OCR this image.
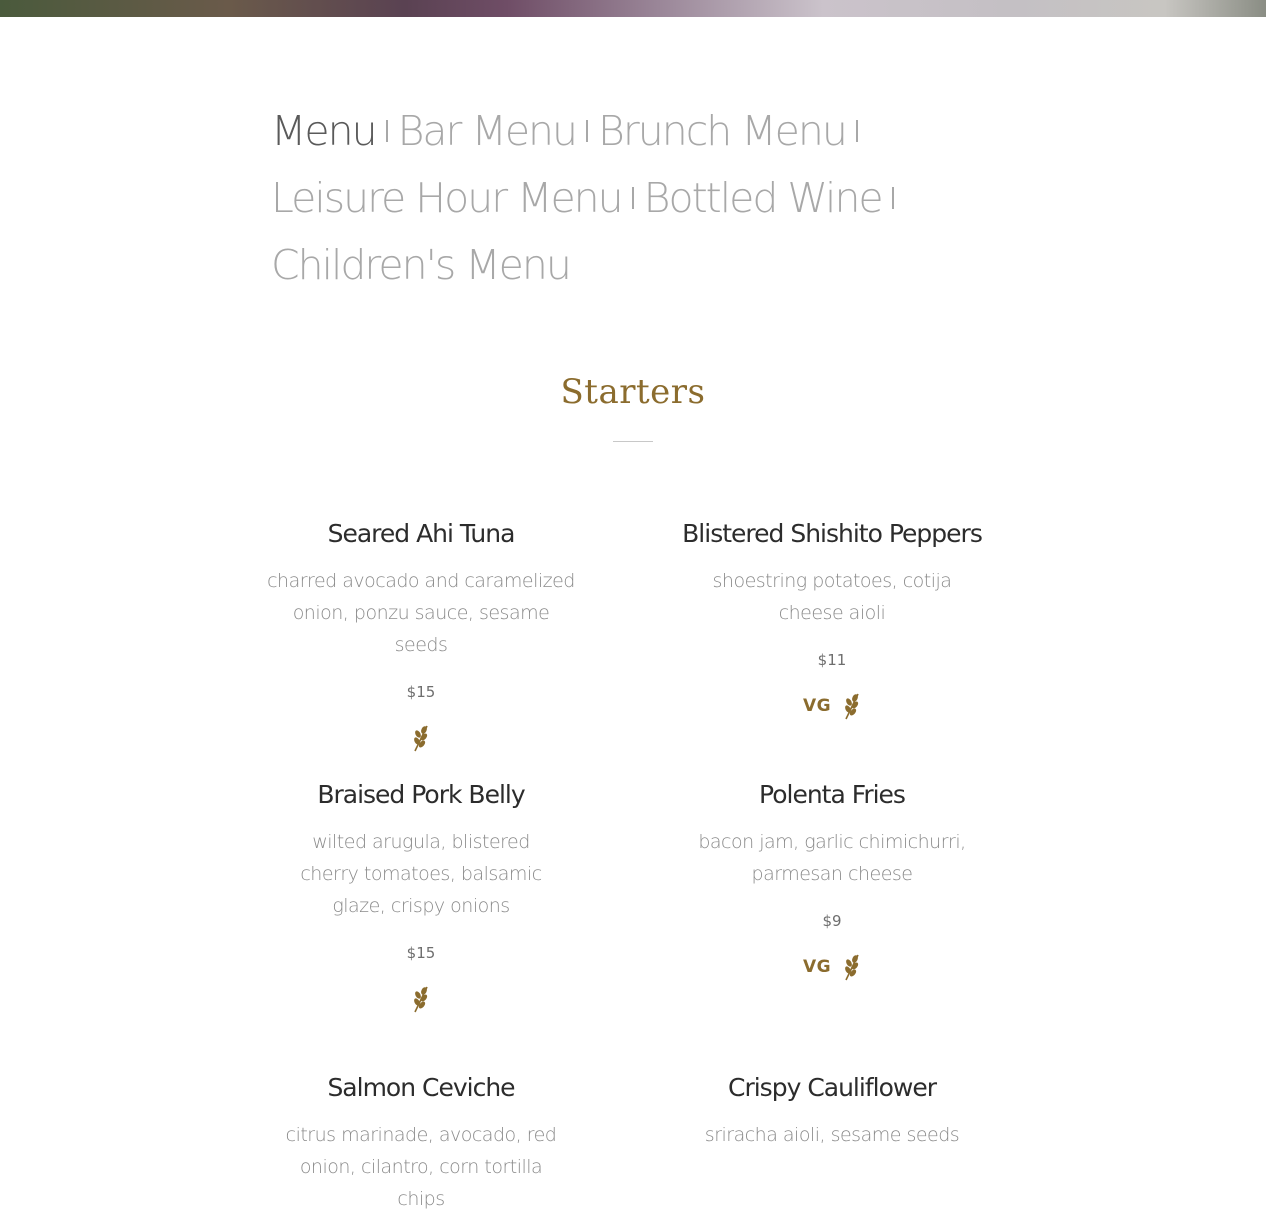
Menu Bar Menu Brunch Menu
Leisure Hour Menu Bottled Wine
Children's Menu
Starters
Seared Ahi Tuna
charred avocado and caramelized onion, ponzu sauce, sesame seeds
$15
Blistered Shishito Peppers
shoestring potatoes, cotija cheese aioli
$11
VG
Braised Pork Belly
wilted arugula, blistered cherry tomatoes, balsamic glaze, crispy onions
$15
Polenta Fries
bacon jam, garlic chimichurri, parmesan cheese
$9
VG
Salmon Ceviche
citrus marinade, avocado, red onion, cilantro, corn tortilla chips
Crispy Cauliflower
sriracha aioli, sesame seeds
